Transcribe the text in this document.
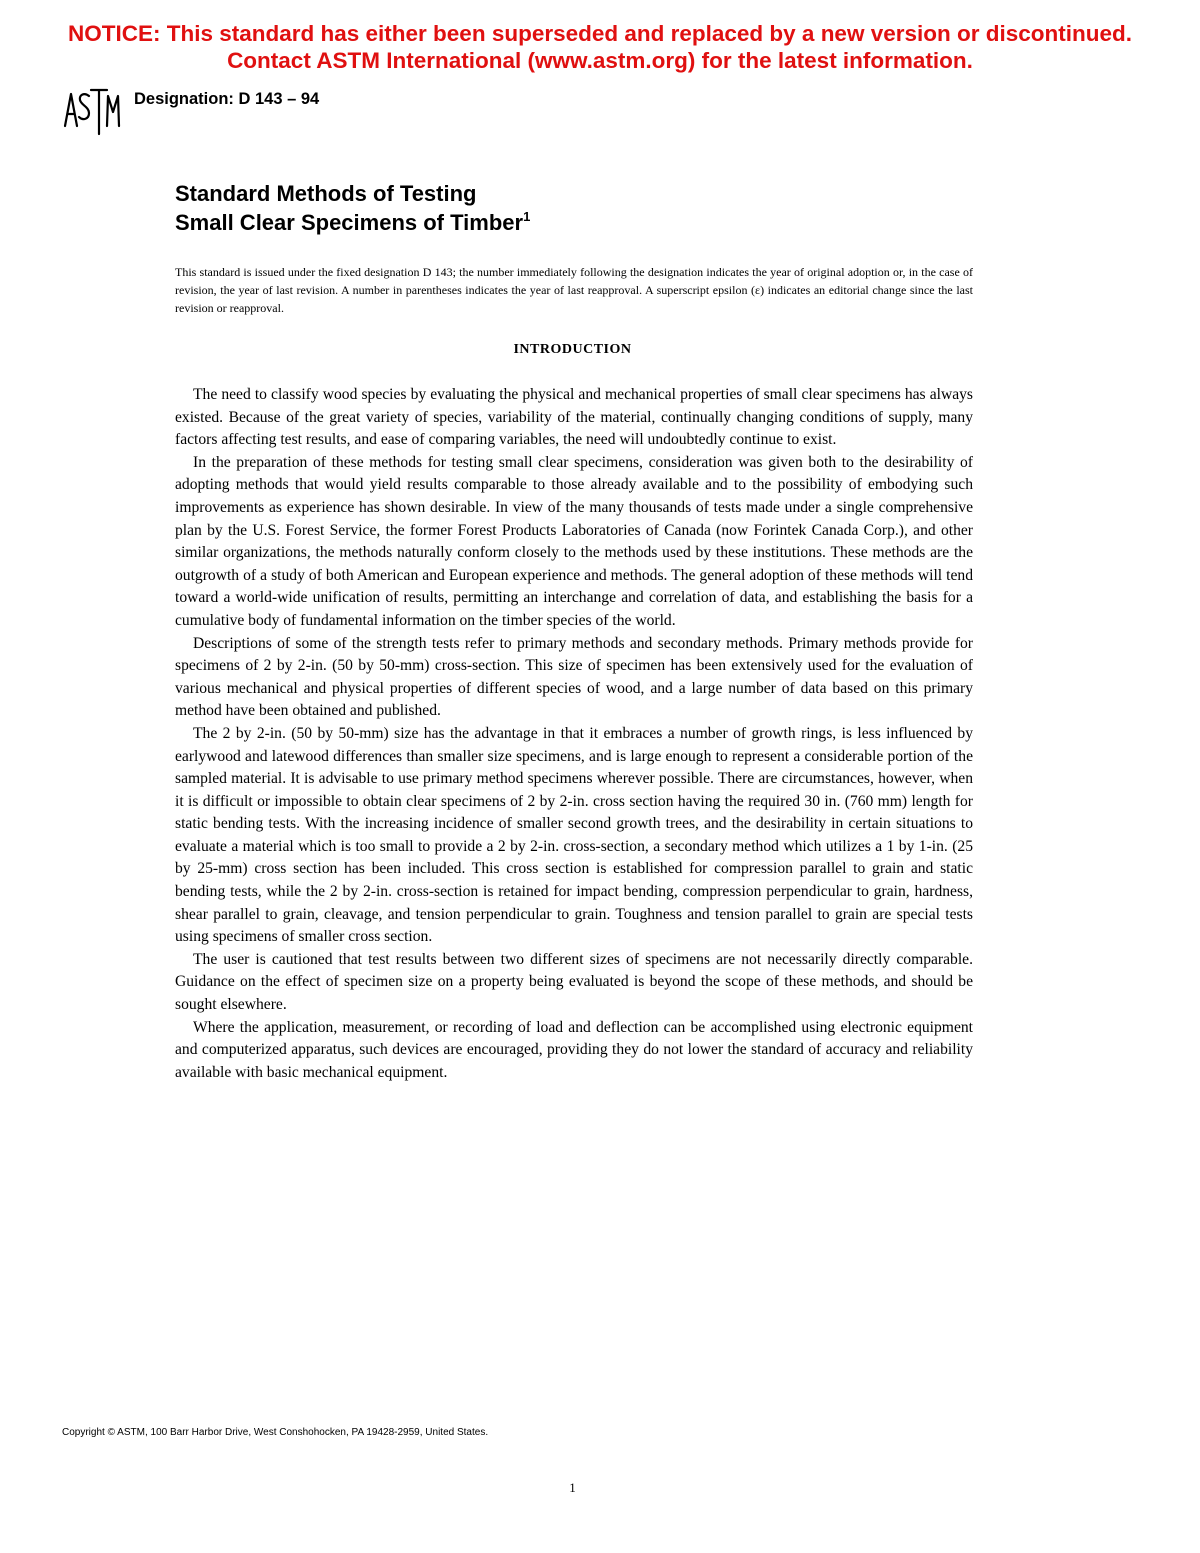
NOTICE: This standard has either been superseded and replaced by a new version or discontinued.
Contact ASTM International (www.astm.org) for the latest information.
Designation: D 143 – 94
Standard Methods of Testing
Small Clear Specimens of Timber$^1$
This standard is issued under the fixed designation D 143; the number immediately following the designation indicates the year of original adoption or, in the case of revision, the year of last revision. A number in parentheses indicates the year of last reapproval. A superscript epsilon (ε) indicates an editorial change since the last revision or reapproval.
INTRODUCTION

The need to classify wood species by evaluating the physical and mechanical properties of small clear specimens has always existed. Because of the great variety of species, variability of the material, continually changing conditions of supply, many factors affecting test results, and ease of comparing variables, the need will undoubtedly continue to exist.

In the preparation of these methods for testing small clear specimens, consideration was given both to the desirability of adopting methods that would yield results comparable to those already available and to the possibility of embodying such improvements as experience has shown desirable. In view of the many thousands of tests made under a single comprehensive plan by the U.S. Forest Service, the former Forest Products Laboratories of Canada (now Forintek Canada Corp.), and other similar organizations, the methods naturally conform closely to the methods used by these institutions. These methods are the outgrowth of a study of both American and European experience and methods. The general adoption of these methods will tend toward a world-wide unification of results, permitting an interchange and correlation of data, and establishing the basis for a cumulative body of fundamental information on the timber species of the world.

Descriptions of some of the strength tests refer to primary methods and secondary methods. Primary methods provide for specimens of 2 by 2-in. (50 by 50-mm) cross-section. This size of specimen has been extensively used for the evaluation of various mechanical and physical properties of different species of wood, and a large number of data based on this primary method have been obtained and published.

The 2 by 2-in. (50 by 50-mm) size has the advantage in that it embraces a number of growth rings, is less influenced by earlywood and latewood differences than smaller size specimens, and is large enough to represent a considerable portion of the sampled material. It is advisable to use primary method specimens wherever possible. There are circumstances, however, when it is difficult or impossible to obtain clear specimens of 2 by 2-in. cross section having the required 30 in. (760 mm) length for static bending tests. With the increasing incidence of smaller second growth trees, and the desirability in certain situations to evaluate a material which is too small to provide a 2 by 2-in. cross-section, a secondary method which utilizes a 1 by 1-in. (25 by 25-mm) cross section has been included. This cross section is established for compression parallel to grain and static bending tests, while the 2 by 2-in. cross-section is retained for impact bending, compression perpendicular to grain, hardness, shear parallel to grain, cleavage, and tension perpendicular to grain. Toughness and tension parallel to grain are special tests using specimens of smaller cross section.

The user is cautioned that test results between two different sizes of specimens are not necessarily directly comparable. Guidance on the effect of specimen size on a property being evaluated is beyond the scope of these methods, and should be sought elsewhere.

Where the application, measurement, or recording of load and deflection can be accomplished using electronic equipment and computerized apparatus, such devices are encouraged, providing they do not lower the standard of accuracy and reliability available with basic mechanical equipment.

Copyright © ASTM, 100 Barr Harbor Drive, West Conshohocken, PA 19428-2959, United States.
1
